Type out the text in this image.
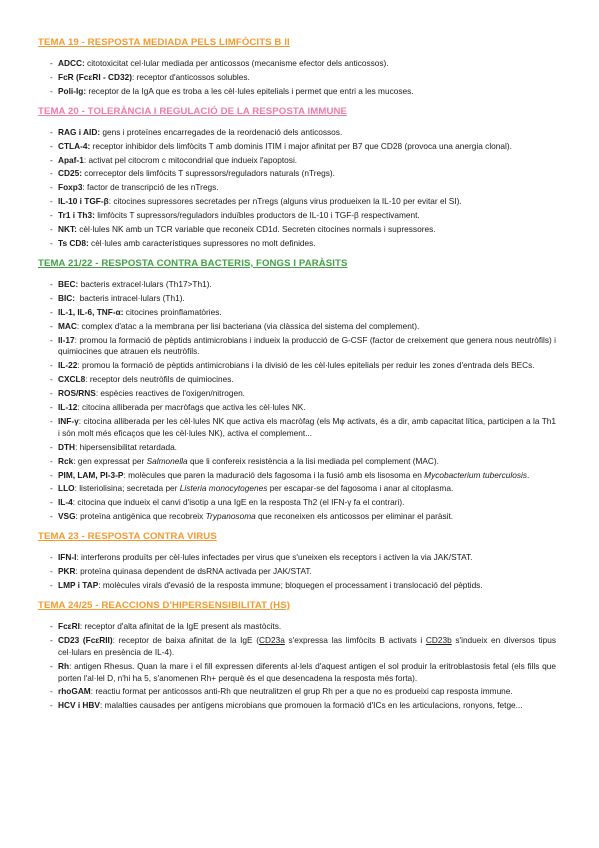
TEMA 19 - RESPOSTA MEDIADA PELS LIMFÒCITS B II
- ADCC: citotoxicitat cel·lular mediada per anticossos (mecanisme efector dels anticossos).
- FcR (FcεRI - CD32): receptor d'anticossos solubles.
- Poli-Ig: receptor de la IgA que es troba a les cèl·lules epitelials i permet que entri a les mucoses.
TEMA 20 - TOLERÀNCIA I REGULACIÓ DE LA RESPOSTA IMMUNE
- RAG i AID: gens i proteïnes encarregades de la reordenació dels anticossos.
- CTLA-4: receptor inhibidor dels limfòcits T amb dominis ITIM i major afinitat per B7 que CD28 (provoca una anergia clonal).
- Apaf-1: activat pel citocrom c mitocondrial que indueix l'apoptosi.
- CD25: correceptor dels limfòcits T supressors/reguladors naturals (nTregs).
- Foxp3: factor de transcripció de les nTregs.
- IL-10 i TGF-β: citocines supressores secretades per nTregs (alguns virus produeixen la IL-10 per evitar el SI).
- Tr1 i Th3: limfòcits T supressors/reguladors induïbles productors de IL-10 i TGF-β respectivament.
- NKT: cèl·lules NK amb un TCR variable que reconeix CD1d. Secreten citocines normals i supressores.
- Ts CD8: cèl·lules amb característiques supressores no molt definides.
TEMA 21/22 - RESPOSTA CONTRA BACTERIS, FONGS I PARÀSITS
- BEC: bacteris extracel·lulars (Th17>Th1).
- BIC:  bacteris intracel·lulars (Th1).
- IL-1, IL-6, TNF-α: citocines proinflamatòries.
- MAC: complex d'atac a la membrana per lisi bacteriana (via clàssica del sistema del complement).
- Il-17: promou la formació de pèptids antimicrobians i indueix la producció de G-CSF (factor de creixement que genera nous neutròfils) i quimiocines que atrauen els neutròfils.
- IL-22: promou la formació de pèptids antimicrobians i la divisió de les cèl·lules epitelials per reduir les zones d'entrada dels BECs.
- CXCL8: receptor dels neutròfils de quimiocines.
- ROS/RNS: espècies reactives de l'oxigen/nitrogen.
- IL-12: citocina alliberada per macròfags que activa les cèl·lules NK.
- INF-γ: citocina alliberada per les cèl·lules NK que activa els macròfag (els Mφ activats, és a dir, amb capacitat lítica, participen a la Th1 i són molt més eficaços que les cèl·lules NK), activa el complement...
- DTH: hipersensibilitat retardada.
- Rck: gen expressat per Salmonella que li confereix resistència a la lisi mediada pel complement (MAC).
- PIM, LAM, PI-3-P: molècules que paren la maduració dels fagosoma i la fusió amb els lisosoma en Mycobacterium tuberculosis.
- LLO: listeriolisina; secretada per Listeria monocytogenes per escapar-se del fagosoma i anar al citoplasma.
- IL-4: citocina que indueix el canvi d'isotip a una IgE en la resposta Th2 (el IFN-γ fa el contrari).
- VSG: proteïna antigènica que recobreix Trypanosoma que reconeixen els anticossos per eliminar el paràsit.
TEMA 23 - RESPOSTA CONTRA VIRUS
- IFN-I: interferons produïts per cèl·lules infectades per virus que s'uneixen els receptors i activen la via JAK/STAT.
- PKR: proteïna quinasa dependent de dsRNA activada per JAK/STAT.
- LMP i TAP: molècules virals d'evasió de la resposta immune; bloquegen el processament i translocació del pèptids.
TEMA 24/25 - REACCIONS D'HIPERSENSIBILITAT (HS)
- FcεRI: receptor d'alta afinitat de la IgE present als mastòcits.
- CD23 (FcεRII): receptor de baixa afinitat de la IgE (CD23a s'expressa las limfòcits B activats i CD23b s'indueix en diversos tipus cel·lulars en presència de IL-4).
- Rh: antigen Rhesus. Quan la mare i el fill expressen diferents al·lels d'aquest antigen el sol produir la eritroblastosis fetal (els fills que porten l'al·lel D, n'hi ha 5, s'anomenen Rh+ perquè és el que desencadena la resposta més forta).
- rhoGAM: reactiu format per anticossos anti-Rh que neutralitzen el grup Rh per a que no es produeixi cap resposta immune.
- HCV i HBV: malalties causades per antígens microbians que promouen la formació d'ICs en les articulacions, ronyons, fetge...
